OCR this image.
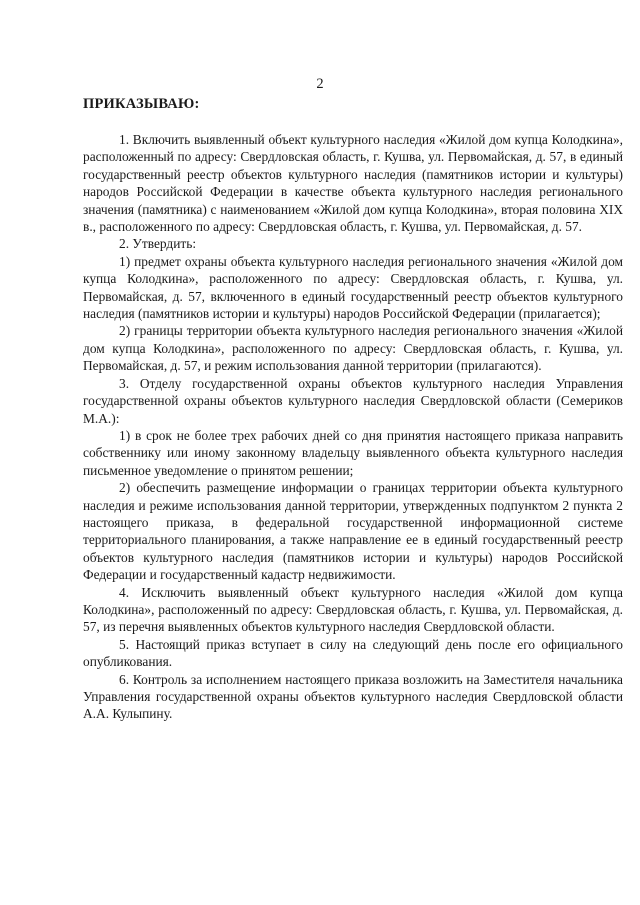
2
ПРИКАЗЫВАЮ:

1. Включить выявленный объект культурного наследия «Жилой дом купца Колодкина», расположенный по адресу: Свердловская область, г. Кушва, ул. Первомайская, д. 57, в единый государственный реестр объектов культурного наследия (памятников истории и культуры) народов Российской Федерации в качестве объекта культурного наследия регионального значения (памятника) с наименованием «Жилой дом купца Колодкина», вторая половина XIX в., расположенного по адресу: Свердловская область, г. Кушва, ул. Первомайская, д. 57.

2. Утвердить:

1) предмет охраны объекта культурного наследия регионального значения «Жилой дом купца Колодкина», расположенного по адресу: Свердловская область, г. Кушва, ул. Первомайская, д. 57, включенного в единый государственный реестр объектов культурного наследия (памятников истории и культуры) народов Российской Федерации (прилагается);

2) границы территории объекта культурного наследия регионального значения «Жилой дом купца Колодкина», расположенного по адресу: Свердловская область, г. Кушва, ул. Первомайская, д. 57, и режим использования данной территории (прилагаются).

3. Отделу государственной охраны объектов культурного наследия Управления государственной охраны объектов культурного наследия Свердловской области (Семериков М.А.):

1) в срок не более трех рабочих дней со дня принятия настоящего приказа направить собственнику или иному законному владельцу выявленного объекта культурного наследия письменное уведомление о принятом решении;

2) обеспечить размещение информации о границах территории объекта культурного наследия и режиме использования данной территории, утвержденных подпунктом 2 пункта 2 настоящего приказа, в федеральной государственной информационной системе территориального планирования, а также направление ее в единый государственный реестр объектов культурного наследия (памятников истории и культуры) народов Российской Федерации и государственный кадастр недвижимости.

4. Исключить выявленный объект культурного наследия «Жилой дом купца Колодкина», расположенный по адресу: Свердловская область, г. Кушва, ул. Первомайская, д. 57, из перечня выявленных объектов культурного наследия Свердловской области.

5. Настоящий приказ вступает в силу на следующий день после его официального опубликования.

6. Контроль за исполнением настоящего приказа возложить на Заместителя начальника Управления государственной охраны объектов культурного наследия Свердловской области А.А. Кулыпину.
